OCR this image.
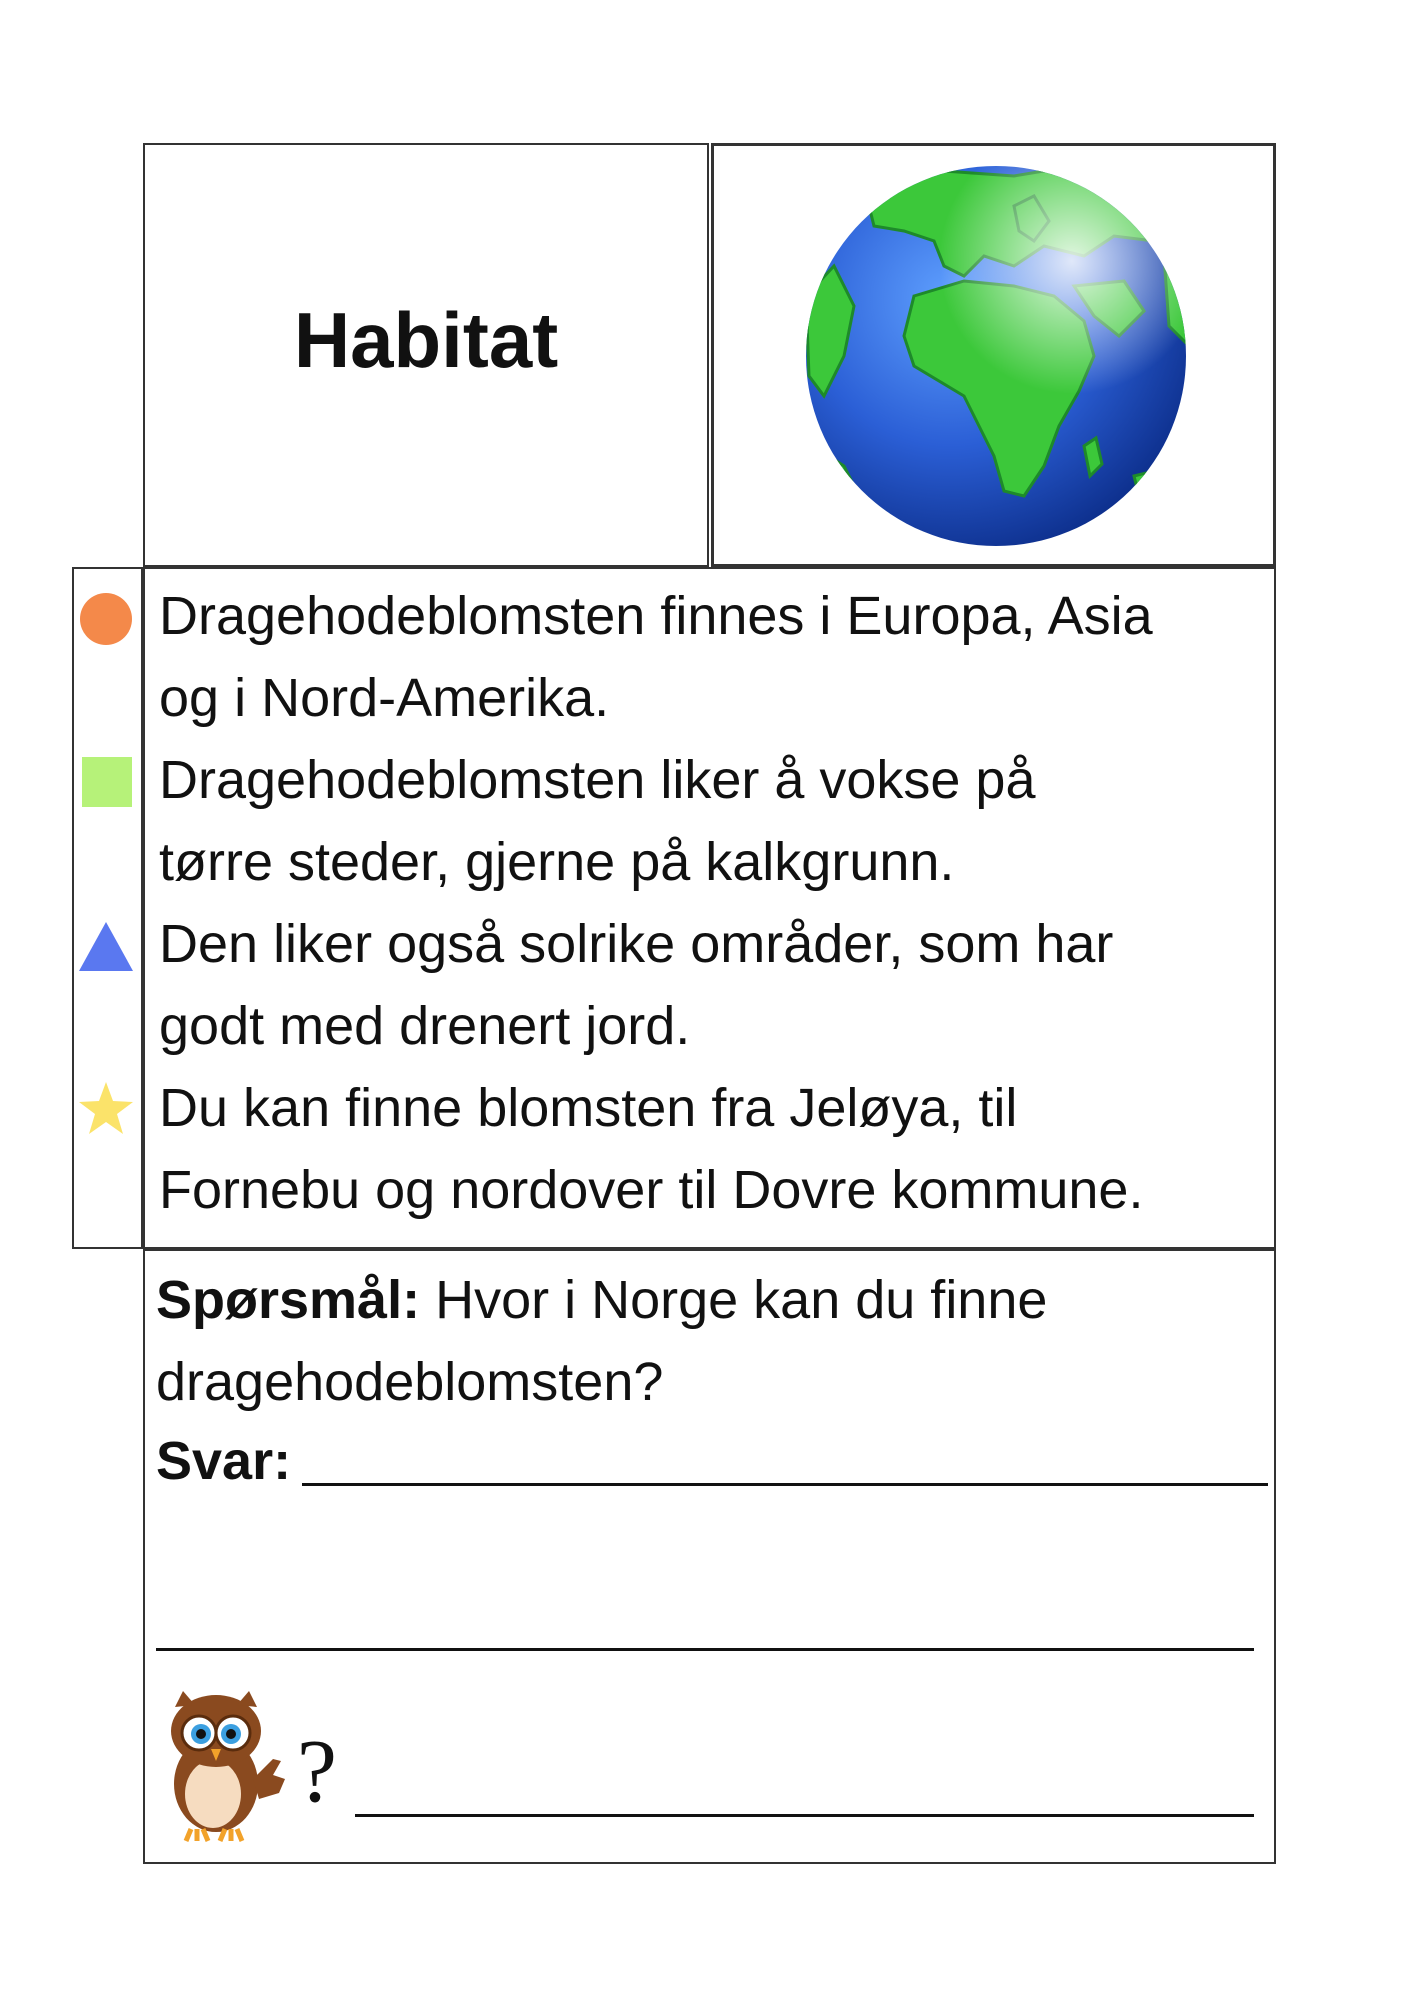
Habitat
Dragehodeblomsten finnes i Europa, Asia
og i Nord-Amerika.
Dragehodeblomsten liker å vokse på
tørre steder, gjerne på kalkgrunn.
Den liker også solrike områder, som har
godt med drenert jord.
Du kan finne blomsten fra Jeløya, til
Fornebu og nordover til Dovre kommune.
Spørsmål: Hvor i Norge kan du finne
dragehodeblomsten?
Svar:
?
